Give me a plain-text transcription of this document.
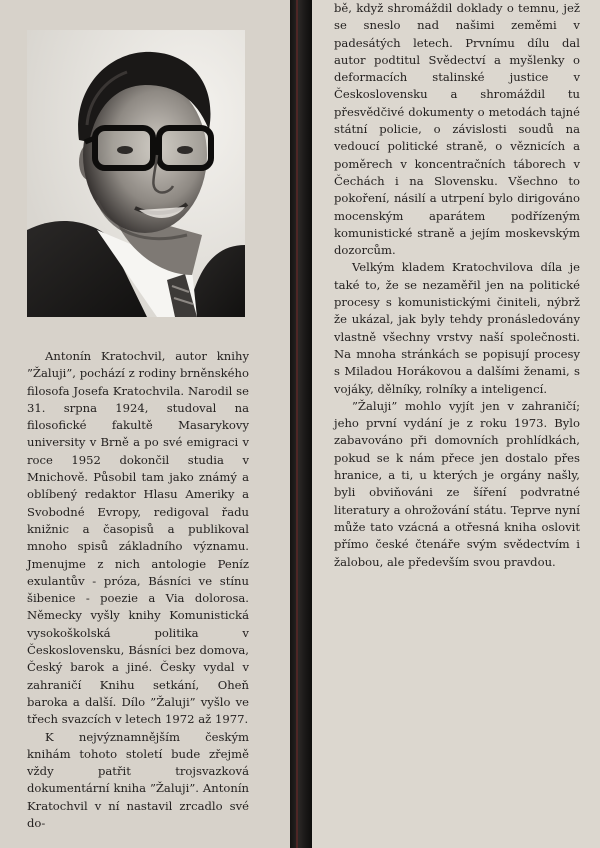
Antonín Kratochvil, autor knihy ”Žaluji”, pochází z rodiny brněnského filosofa Josefa Kratochvila. Narodil se 31. srpna 1924, studoval na filosofické fakultě Masarykovy university v Brně a po své emigraci v roce 1952 dokončil studia v Mnichově. Působil tam jako známý a oblíbený redaktor Hlasu Ameriky a Svobodné Evropy, redigoval řadu knižnic a časopisů a publikoval mnoho spisů základního významu. Jmenujme z nich antologie Peníz exulantův - próza, Básníci ve stínu šibenice - poezie a Via dolorosa. Německy vyšly knihy Komunistická vysokoškolská politika v Československu, Básníci bez domova, Český barok a jiné. Česky vydal v zahraničí Knihu setkání, Oheň baroka a další. Dílo ”Žaluji” vyšlo ve třech svazcích v letech 1972 až 1977.

K nejvýznamnějším českým knihám tohoto století bude zřejmě vždy patřit trojsvazková dokumentární kniha ”Žaluji”. Antonín Kratochvil v ní nastavil zrcadlo své do-

bě, když shromáždil doklady o temnu, jež se sneslo nad našimi zeměmi v padesátých letech. Prvnímu dílu dal autor podtitul Svědectví a myšlenky o deformacích stalinské justice v Československu a shromáždil tu přesvědčivé dokumenty o metodách tajné státní policie, o závislosti soudů na vedoucí politické straně, o věznicích a poměrech v koncentračních táborech v Čechách i na Slovensku. Všechno to pokoření, násilí a utrpení bylo dirigováno mocenským aparátem podřízeným komunistické straně a jejím moskevským dozorcům.

Velkým kladem Kratochvilova díla je také to, že se nezaměřil jen na politické procesy s komunistickými činiteli, nýbrž že ukázal, jak byly tehdy pronásledovány vlastně všechny vrstvy naší společnosti. Na mnoha stránkách se popisují procesy s Miladou Horákovou a dalšími ženami, s vojáky, dělníky, rolníky a inteligencí.

”Žaluji” mohlo vyjít jen v zahraničí; jeho první vydání je z roku 1973. Bylo zabavováno při domovních prohlídkách, pokud se k nám přece jen dostalo přes hranice, a ti, u kterých je orgány našly, byli obviňováni ze šíření podvratné literatury a ohrožování státu. Teprve nyní může tato vzácná a otřesná kniha oslovit přímo české čtenáře svým svědectvím i žalobou, ale především svou pravdou.
